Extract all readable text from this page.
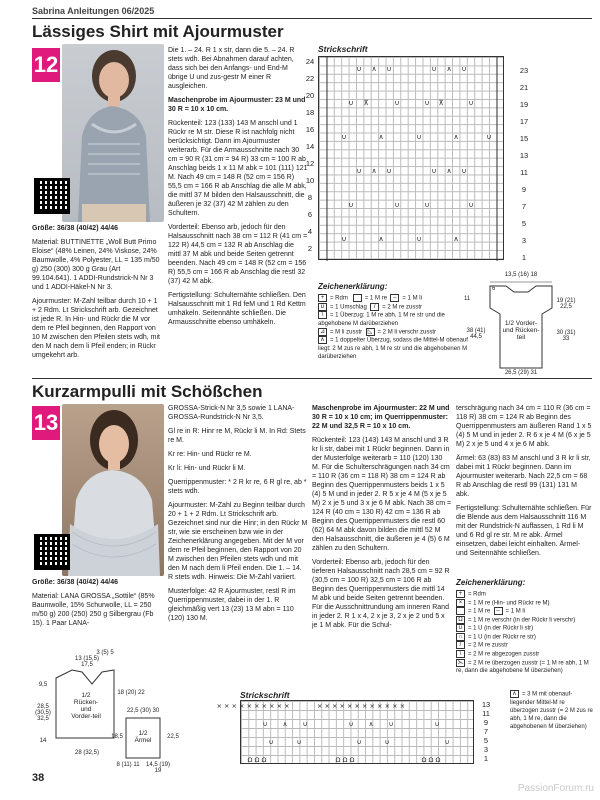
Sabrina Anleitungen 06/2025
Lässiges Shirt mit Ajourmuster
12
Größe: 36/38 (40/42) 44/46
Material: BUTTINETTE „Woll Butt Primo Eloise“ (48% Leinen, 24% Viskose, 24% Baumwolle, 4% Polyester, LL = 135 m/50 g) 250 (300) 300 g Grau (Art 99.104.641). 1 ADDI-Rundstrick-N Nr 3 und 1 ADDI-Häkel-N Nr 3.
Ajourmuster: M-Zahl teilbar durch 10 + 1 + 2 Rdm. Lt Strickschrift arb. Gezeichnet ist jede R. In Hin- und Rückr die M vor dem re Pfeil beginnen, den Rapport von 10 M zwischen den Pfeilen stets wdh, mit den M nach dem li Pfeil enden; in Rückr umgekehrt arb.
Die 1. – 24. R 1 x str, dann die 5. – 24. R stets wdh. Bei Abnahmen darauf achten, dass sich bei den Anfangs- und End-M übrige U und zus-gestr M einer R ausgleichen.
Maschenprobe im Ajourmuster: 23 M und 30 R = 10 x 10 cm.
Rückenteil: 123 (133) 143 M anschl und 1 Rückr re M str. Diese R ist nachfolg nicht berücksichtigt. Dann im Ajourmuster weiterarb. Für die Armausschnitte nach 30 cm = 90 R (31 cm = 94 R) 33 cm = 100 R ab Anschlag beids 1 x 11 M abk = 101 (111) 121 M. Nach 49 cm = 148 R (52 cm = 156 R) 55,5 cm = 166 R ab Anschlag die alle M abk, die mittl 37 M bilden den Halsausschnitt, die äußeren je 32 (37) 42 M zählen zu den Schultern.
Vorderteil: Ebenso arb, jedoch für den Halsausschnitt nach 38 cm = 112 R (41 cm = 122 R) 44,5 cm = 132 R ab Anschlag die mittl 37 M abk und beide Seiten getrennt beenden. Nach 49 cm = 148 R (52 cm = 156 R) 55,5 cm = 166 R ab Anschlag die restl 32 (37) 42 M abk.
Fertigstellung: Schulternähte schließen. Den Halsausschnitt mit 1 Rd feM und 1 Rd Kettm umhäkeln. Seitennähte schließen. Die Armausschnitte ebenso umhäkeln.
Strickschrift
∪ ∧ ∪	∪ ∧ ∪
∪ ⊼	∪	∪ ⊼	∪
∪	∧	∪	∧	∪
∪ ∧ ∪	∪ ∧ ∪
∪	∪	∪	∪
∪	∧	∪	∧
24
22
20
18
16
14
12
10
8
6
4
2
23
21
19
17
15
13
11
9
7
5
3
1
Zeichenerklärung:
+ = Rdm	= 1 M re – = 1 M li
∪ = 1 Umschlag / = 2 M re zusstr
\ = 1 Überzug: 1 M re abh, 1 M re str und die abgehobene M darüberziehen
⊿ = M li zusstr ◺ = 2 M li verschr zusstr
∧ = 1 doppelter Überzug, sodass die Mittel-M obenauf liegt: 2 M zus re abh, 1 M re str und die abgehobenen M darüberziehen
13,5 (16) 18
6
11	19 (21) 22,5
30 (31) 33
38 (41) 44,5
1/2 Vorder- und Rücken-teil
26,5 (29) 31
Kurzarmpulli mit Schößchen
13
Größe: 36/38 (40/42) 44/46
Material: LANA GROSSA „Sottile“ (85% Baumwolle, 15% Schurwolle, LL = 250 m/50 g) 200 (250) 250 g Silbergrau (Fb 15). 1 Paar LANA-
3 (5) 5
13 (15,5) 17,5
9,5
28,5 (30,5) 32,5
18 (20) 22
1/2 Rücken- und Vorder-teil
14
28 (32,5)
22,5 (30) 30
18,5	22,5
1/2 Ärmel
8 (11) 11	14,5 (19) 19
GROSSA-Strick-N Nr 3,5 sowie 1 LANA-GROSSA-Rundstrick-N Nr 3,5.
Gl re in R: Hinr re M, Rückr li M. In Rd: Stets re M.
Kr re: Hin- und Rückr re M.
Kr li: Hin- und Rückr li M.
Querrippenmuster: * 2 R kr re, 6 R gl re, ab * stets wdh.
Ajourmuster: M-Zahl zu Beginn teilbar durch 20 + 1 + 2 Rdm. Lt Strickschrift arb. Gezeichnet sind nur die Hinr; in den Rückr M str, wie sie erscheinen bzw wie in der Zeichenerklärung angegeben. Mit der M vor dem re Pfeil beginnen, den Rapport von 20 M zwischen den Pfeilen stets wdh und mit den M nach dem li Pfeil enden. Die 1. – 14. R stets wdh. Hinweis: Die M-Zahl variiert.
Musterfolge: 42 R Ajourmuster, restl R im Querrippenmuster, dabei in der 1. R gleichmäßig vert 13 (23) 13 M abn = 110 (120) 130 M.
Maschenprobe im Ajourmuster: 22 M und 30 R = 10 x 10 cm; im Querrippenmuster: 22 M und 32,5 R = 10 x 10 cm.
Rückenteil: 123 (143) 143 M anschl und 3 R kr li str, dabei mit 1 Rückr beginnen. Dann in der Musterfolge weiterarb = 110 (120) 130 M. Für die Schulterschrägungen nach 34 cm = 110 R (36 cm = 118 R) 38 cm = 124 R ab Beginn des Querrippenmusters beids 1 x 5 (4) 5 M und in jeder 2. R 5 x je 4 M (5 x je 5 M) 2 x je 5 und 3 x je 6 M abk. Nach 38 cm = 124 R (40 cm = 130 R) 42 cm = 136 R ab Beginn des Querrippenmusters die restl 60 (62) 64 M abk davon bilden die mittl 52 M den Halsausschnitt, die äußeren je 4 (5) 6 M zählen zu den Schultern.
Vorderteil: Ebenso arb, jedoch für den tieferen Halsausschnitt nach 28,5 cm = 92 R (30,5 cm = 100 R) 32,5 cm = 106 R ab Beginn des Querrippenmusters die mittl 14 M abk und beide Seiten getrennt beenden. Für die Ausschnittrundung am inneren Rand in jeder 2. R 1 x 4, 2 x je 3, 2 x je 2 und 5 x je 1 M abk. Für die Schul-
terschrägung nach 34 cm = 110 R (36 cm = 118 R) 38 cm = 124 R ab Beginn des Querrippenmusters am äußeren Rand 1 x 5 (4) 5 M und in jeder 2. R 6 x je 4 M (6 x je 5 M) 2 x je 5 und 4 x je 6 M abk.
Ärmel: 63 (83) 83 M anschl und 3 R kr li str, dabei mit 1 Rückr beginnen. Dann im Ajourmuster weiterarb. Nach 22,5 cm = 68 R ab Anschlag die restl 99 (131) 131 M abk.
Fertigstellung: Schulternähte schließen. Für die Blende aus dem Halsausschnitt 116 M mit der Rundstrick-N auffassen, 1 Rd li M und 6 Rd gl re str. M re abk. Ärmel einsetzen, dabei leicht einhalten. Ärmel- und Seitennähte schließen.
Zeichenerklärung:
+ = Rdm
× = 1 M re (Hin- und Rückr re M)
= 1 M re – = 1 M li
Ω = 1 M re verschr (in der Rückr li verschr)
∪ = 1 U (in der Rückr li str)
∩ = 1 U (in der Rückr re str)
/ = 2 M re zusstr
\ = 2 M re abgezogen zusstr
⋋ = 2 M re überzogen zusstr (= 1 M re abh, 1 M re, dann die abgehobene M überziehen)
∧ = 3 M mit obenauf-liegender Mittel-M re überzogen zusstr (= 2 M zus re abh, 1 M re, dann die abgehobenen M überziehen)
Strickschrift
× × × × × × × × × ×	× × × × × × × × × × × ×
∪ ∧ ∪	∪ ∧ ∪	∪
∪	∪	∪	∪	∪
Ω Ω Ω	Ω Ω Ω	Ω Ω Ω
13
11
9
7
5
3
1
38
PassionForum.ru
